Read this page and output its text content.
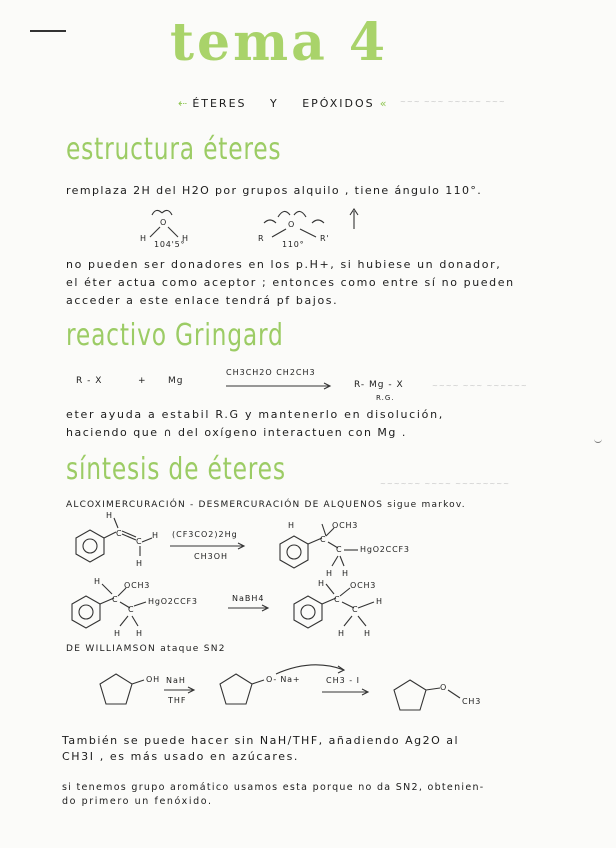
tema 4
⇠ ÉTERES Y EPÓXIDOS « ~~~ ~~~ ~~~~~ ~~~
estructura éteres
remplaza 2H del H2O por grupos alquilo , tiene ángulo 110°.
O
H	H
104'5°
O
R	R'
110°
no pueden ser donadores en los p.H+, si hubiese un donador,
el éter actua como aceptor ; entonces como entre sí no pueden
acceder a este enlace tendrá pf bajos.
reactivo Gringard
R - X	+ Mg
CH3CH2O CH2CH3
R- Mg - X
R.G.
~~~~ ~~~ ~~~~~~
eter ayuda a estabil R.G y mantenerlo en disolución,
haciendo que ∩ del oxígeno interactuen con Mg .
síntesis de éteres	~~~~~~ ~~~~ ~~~~~~~~
ALCOXIMERCURACIÓN - DESMERCURACIÓN DE ALQUENOS sigue markov.
C
C
H
H
H
(CF3CO2)2Hg
CH3OH
C
H	OCH3
C HgO2CCF3
H H
C
H	OCH3
C
HgO2CCF3
H H
NaBH4	C
H	OCH3
C
H
H H
DE WILLIAMSON ataque SN2
OH NaH
THF
O- Na+	CH3 - I
O
CH3
También se puede hacer sin NaH/THF, añadiendo Ag2O al
CH3I , es más usado en azúcares.
si tenemos grupo aromático usamos esta porque no da SN2, obtenien-
do primero un fenóxido.
